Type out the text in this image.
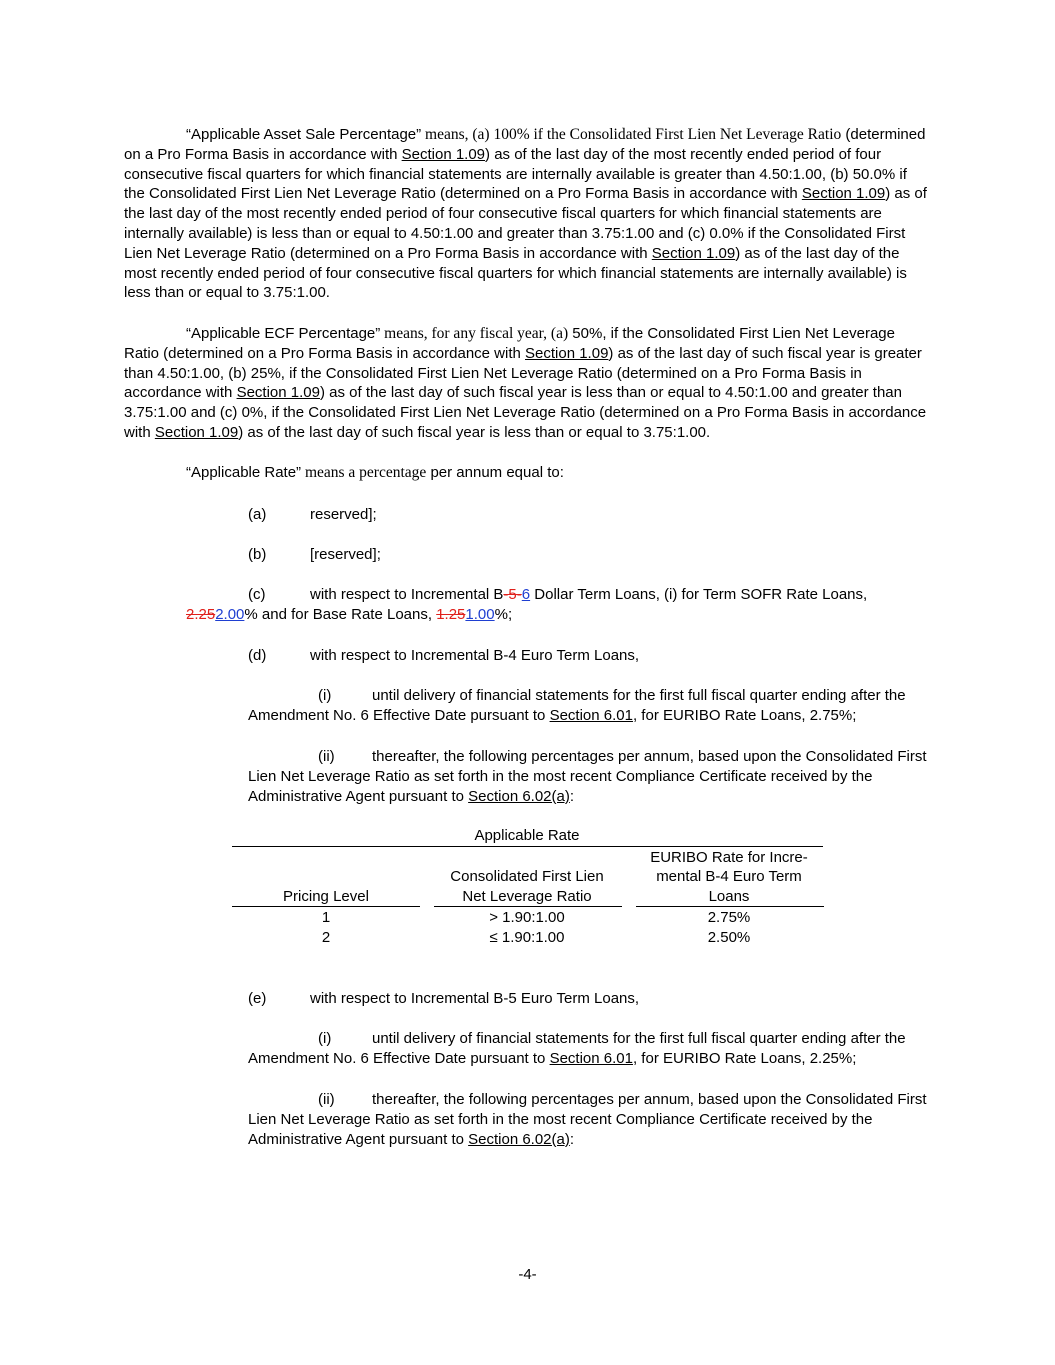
“Applicable Asset Sale Percentage” means, (a) 100% if the Consolidated First Lien Net Leverage Ratio (determined on a Pro Forma Basis in accordance with Section 1.09) as of the last day of the most recently ended period of four consecutive fiscal quarters for which financial statements are internally available is greater than 4.50:1.00, (b) 50.0% if the Consolidated First Lien Net Leverage Ratio (determined on a Pro Forma Basis in accordance with Section 1.09) as of the last day of the most recently ended period of four consecutive fiscal quarters for which financial statements are internally available) is less than or equal to 4.50:1.00 and greater than 3.75:1.00 and (c) 0.0% if the Consolidated First Lien Net Leverage Ratio (determined on a Pro Forma Basis in accordance with Section 1.09) as of the last day of the most recently ended period of four consecutive fiscal quarters for which financial statements are internally available) is less than or equal to 3.75:1.00.

“Applicable ECF Percentage” means, for any fiscal year, (a) 50%, if the Consolidated First Lien Net Leverage Ratio (determined on a Pro Forma Basis in accordance with Section 1.09) as of the last day of such fiscal year is greater than 4.50:1.00, (b) 25%, if the Consolidated First Lien Net Leverage Ratio (determined on a Pro Forma Basis in accordance with Section 1.09) as of the last day of such fiscal year is less than or equal to 4.50:1.00 and greater than 3.75:1.00 and (c) 0%, if the Consolidated First Lien Net Leverage Ratio (determined on a Pro Forma Basis in accordance with Section 1.09) as of the last day of such fiscal year is less than or equal to 3.75:1.00.

“Applicable Rate” means a percentage per annum equal to:

(a)	reserved];
(b)	[reserved];
(c)	with respect to Incremental B-5-6 Dollar Term Loans, (i) for Term SOFR Rate Loans,
2.252.00% and for Base Rate Loans, 1.251.00%;
(d)	with respect to Incremental B-4 Euro Term Loans,

(i)	until delivery of financial statements for the first full fiscal quarter ending after the Amendment No. 6 Effective Date pursuant to Section 6.01, for EURIBO Rate Loans, 2.75%;

(ii) thereafter, the following percentages per annum, based upon the Consolidated First Lien Net Leverage Ratio as set forth in the most recent Compliance Certificate received by the Administrative Agent pursuant to Section 6.02(a):

Applicable Rate
Pricing Level
Consolidated First Lien
Net Leverage Ratio
EURIBO Rate for Incre-
mental B-4 Euro Term
Loans
1	> 1.90:1.00	2.75%
2	≤ 1.90:1.00	2.50%
(e)	with respect to Incremental B-5 Euro Term Loans,

(i)	until delivery of financial statements for the first full fiscal quarter ending after the Amendment No. 6 Effective Date pursuant to Section 6.01, for EURIBO Rate Loans, 2.25%;

(ii) thereafter, the following percentages per annum, based upon the Consolidated First Lien Net Leverage Ratio as set forth in the most recent Compliance Certificate received by the Administrative Agent pursuant to Section 6.02(a):

-4-
